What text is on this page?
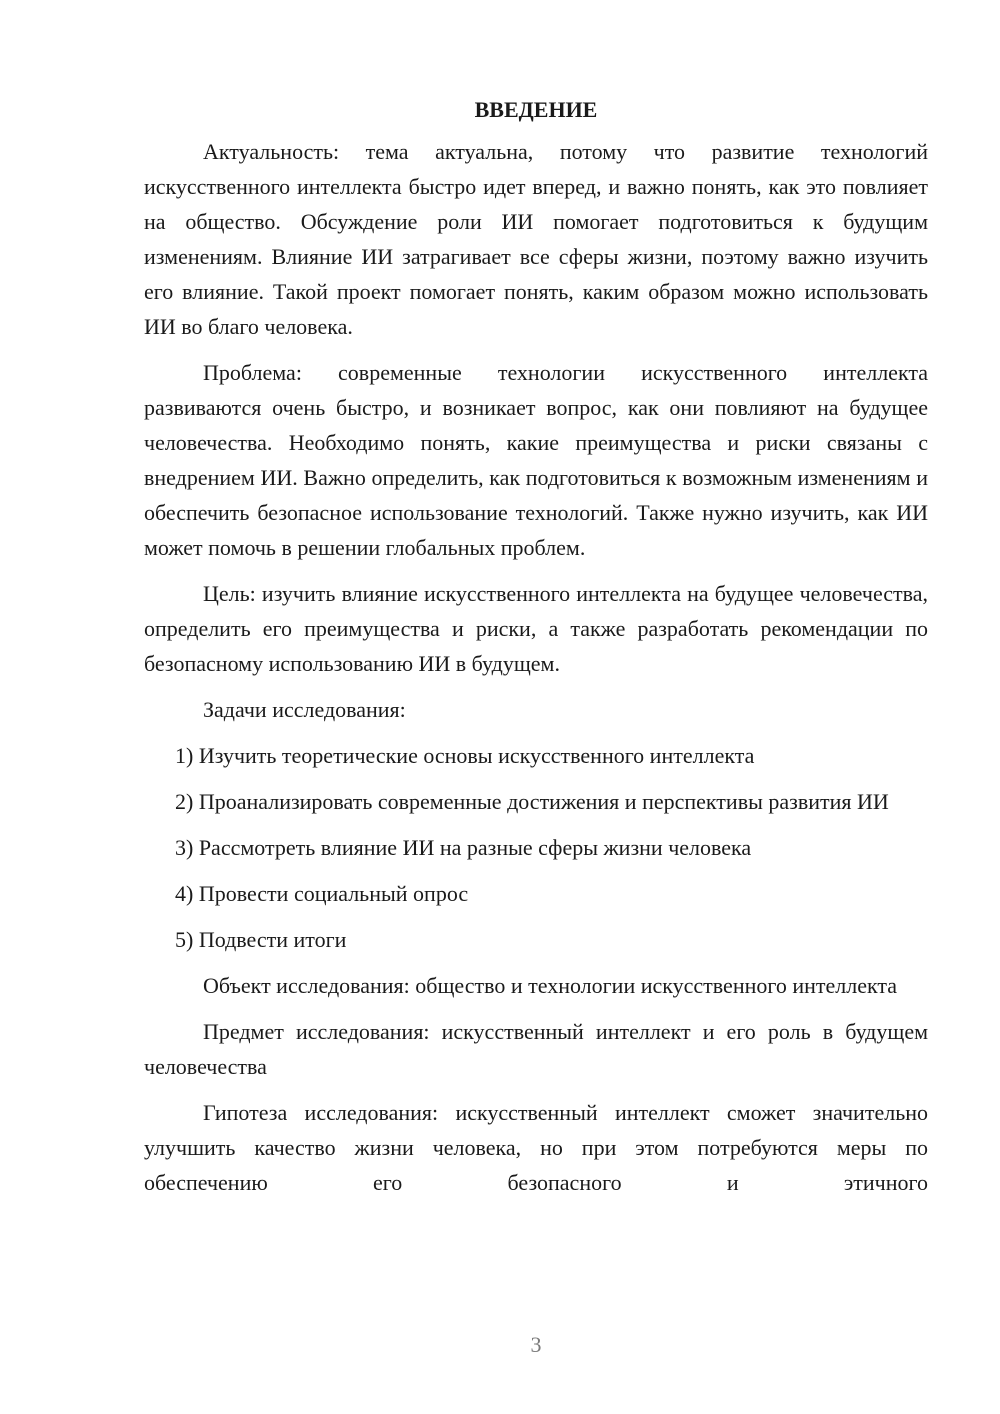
ВВЕДЕНИЕ

Актуальность: тема актуальна, потому что развитие технологий искусственного интеллекта быстро идет вперед, и важно понять, как это повлияет на общество. Обсуждение роли ИИ помогает подготовиться к будущим изменениям. Влияние ИИ затрагивает все сферы жизни, поэтому важно изучить его влияние. Такой проект помогает понять, каким образом можно использовать ИИ во благо человека.

Проблема: современные технологии искусственного интеллекта развиваются очень быстро, и возникает вопрос, как они повлияют на будущее человечества. Необходимо понять, какие преимущества и риски связаны с внедрением ИИ. Важно определить, как подготовиться к возможным изменениям и обеспечить безопасное использование технологий. Также нужно изучить, как ИИ может помочь в решении глобальных проблем.

Цель: изучить влияние искусственного интеллекта на будущее человечества, определить его преимущества и риски, а также разработать рекомендации по безопасному использованию ИИ в будущем.

Задачи исследования:

1) Изучить теоретические основы искусственного интеллекта

2) Проанализировать современные достижения и перспективы развития ИИ

3) Рассмотреть влияние ИИ на разные сферы жизни человека

4) Провести социальный опрос

5) Подвести итоги

Объект исследования: общество и технологии искусственного интеллекта

Предмет исследования: искусственный интеллект и его роль в будущем человечества

Гипотеза исследования: искусственный интеллект сможет значительно улучшить качество жизни человека, но при этом потребуются меры по обеспечению его безопасного и этичного

3
